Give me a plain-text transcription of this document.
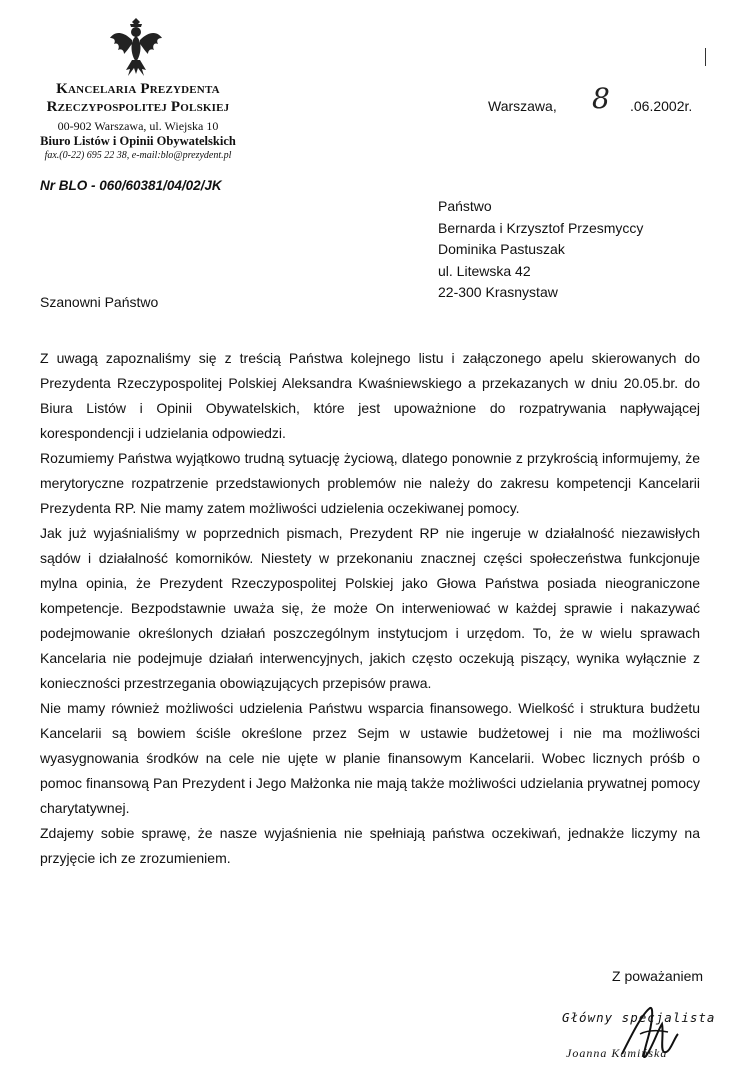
Kancelaria Prezydenta
Rzeczypospolitej Polskiej
00-902 Warszawa, ul. Wiejska 10
Biuro Listów i Opinii Obywatelskich
fax.(0-22) 695 22 38, e-mail:blo@prezydent.pl
Nr BLO - 060/60381/04/02/JK
Warszawa, 8 .06.2002r.
Państwo
Bernarda i Krzysztof Przesmyccy
Dominika Pastuszak
ul. Litewska 42
22-300 Krasnystaw
Szanowni Państwo

Z uwagą zapoznaliśmy się z treścią Państwa kolejnego listu i załączonego apelu skierowanych do Prezydenta Rzeczypospolitej Polskiej Aleksandra Kwaśniewskiego a przekazanych w dniu 20.05.br. do Biura Listów i Opinii Obywatelskich, które jest upoważnione do rozpatrywania napływającej korespondencji i udzielania odpowiedzi.

Rozumiemy Państwa wyjątkowo trudną sytuację życiową, dlatego ponownie z przykrością informujemy, że merytoryczne rozpatrzenie przedstawionych problemów nie należy do zakresu kompetencji Kancelarii Prezydenta RP. Nie mamy zatem możliwości udzielenia oczekiwanej pomocy.

Jak już wyjaśnialiśmy w poprzednich pismach, Prezydent RP nie ingeruje w działalność niezawisłych sądów i działalność komorników. Niestety w przekonaniu znacznej części społeczeństwa funkcjonuje mylna opinia, że Prezydent Rzeczypospolitej Polskiej jako Głowa Państwa posiada nieograniczone kompetencje. Bezpodstawnie uważa się, że może On interweniować w każdej sprawie i nakazywać podejmowanie określonych działań poszczególnym instytucjom i urzędom. To, że w wielu sprawach Kancelaria nie podejmuje działań interwencyjnych, jakich często oczekują piszący, wynika wyłącznie z konieczności przestrzegania obowiązujących przepisów prawa.

Nie mamy również możliwości udzielenia Państwu wsparcia finansowego. Wielkość i struktura budżetu Kancelarii są bowiem ściśle określone przez Sejm w ustawie budżetowej i nie ma możliwości wyasygnowania środków na cele nie ujęte w planie finansowym Kancelarii. Wobec licznych próśb o pomoc finansową Pan Prezydent i Jego Małżonka nie mają także możliwości udzielania prywatnej pomocy charytatywnej.

Zdajemy sobie sprawę, że nasze wyjaśnienia nie spełniają państwa oczekiwań, jednakże liczymy na przyjęcie ich ze zrozumieniem.

Z poważaniem
Główny specjalista
Joanna Kamińska
